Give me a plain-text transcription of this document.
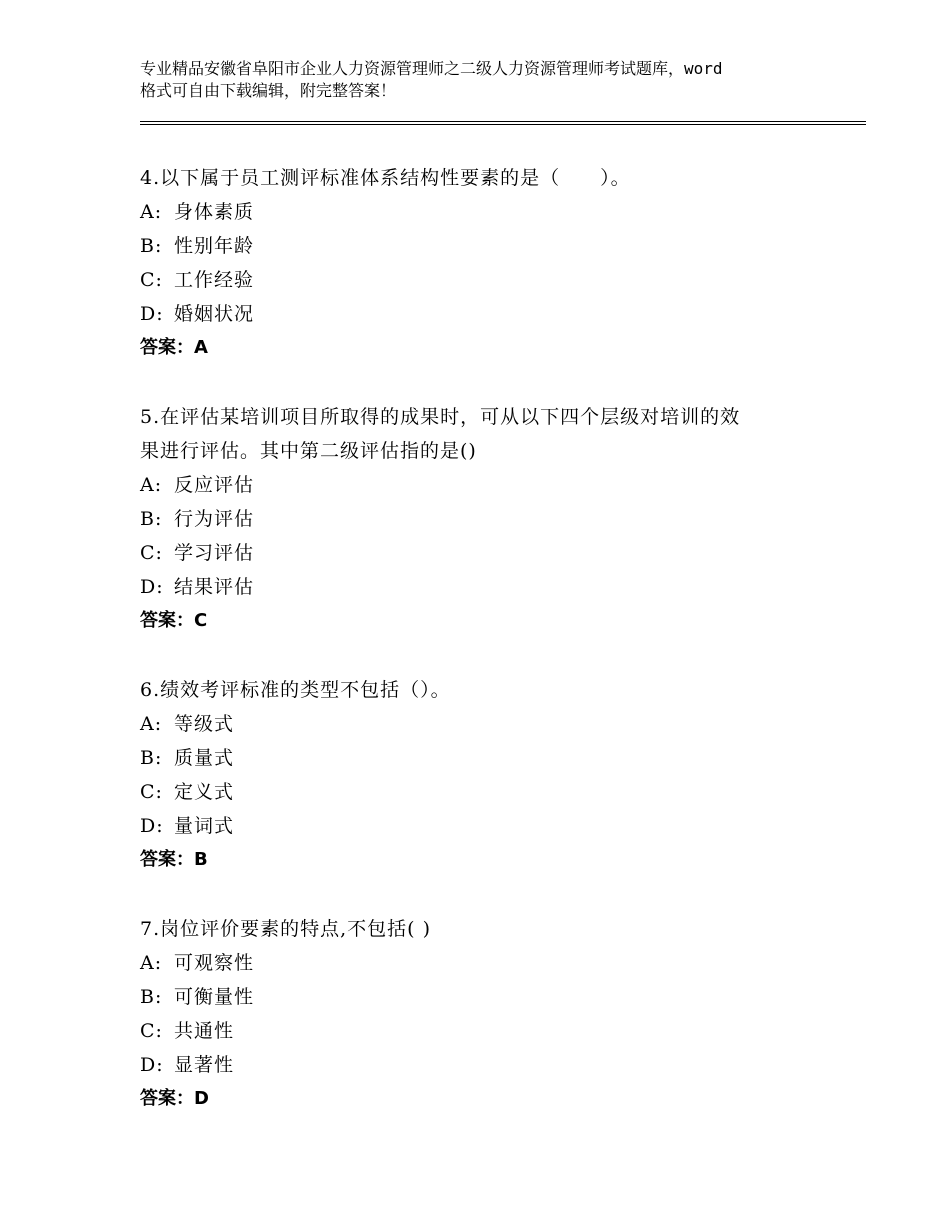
专业精品安徽省阜阳市企业人力资源管理师之二级人力资源管理师考试题库，word
格式可自由下载编辑，附完整答案！
4.以下属于员工测评标准体系结构性要素的是（　　）。
A: 身体素质
B: 性别年龄
C: 工作经验
D: 婚姻状况
答案：A
5.在评估某培训项目所取得的成果时，可从以下四个层级对培训的效
果进行评估。其中第二级评估指的是()
A: 反应评估
B: 行为评估
C: 学习评估
D: 结果评估
答案：C
6.绩效考评标准的类型不包括（）。
A: 等级式
B: 质量式
C: 定义式
D: 量词式
答案：B
7.岗位评价要素的特点,不包括( )
A: 可观察性
B: 可衡量性
C: 共通性
D: 显著性
答案：D
